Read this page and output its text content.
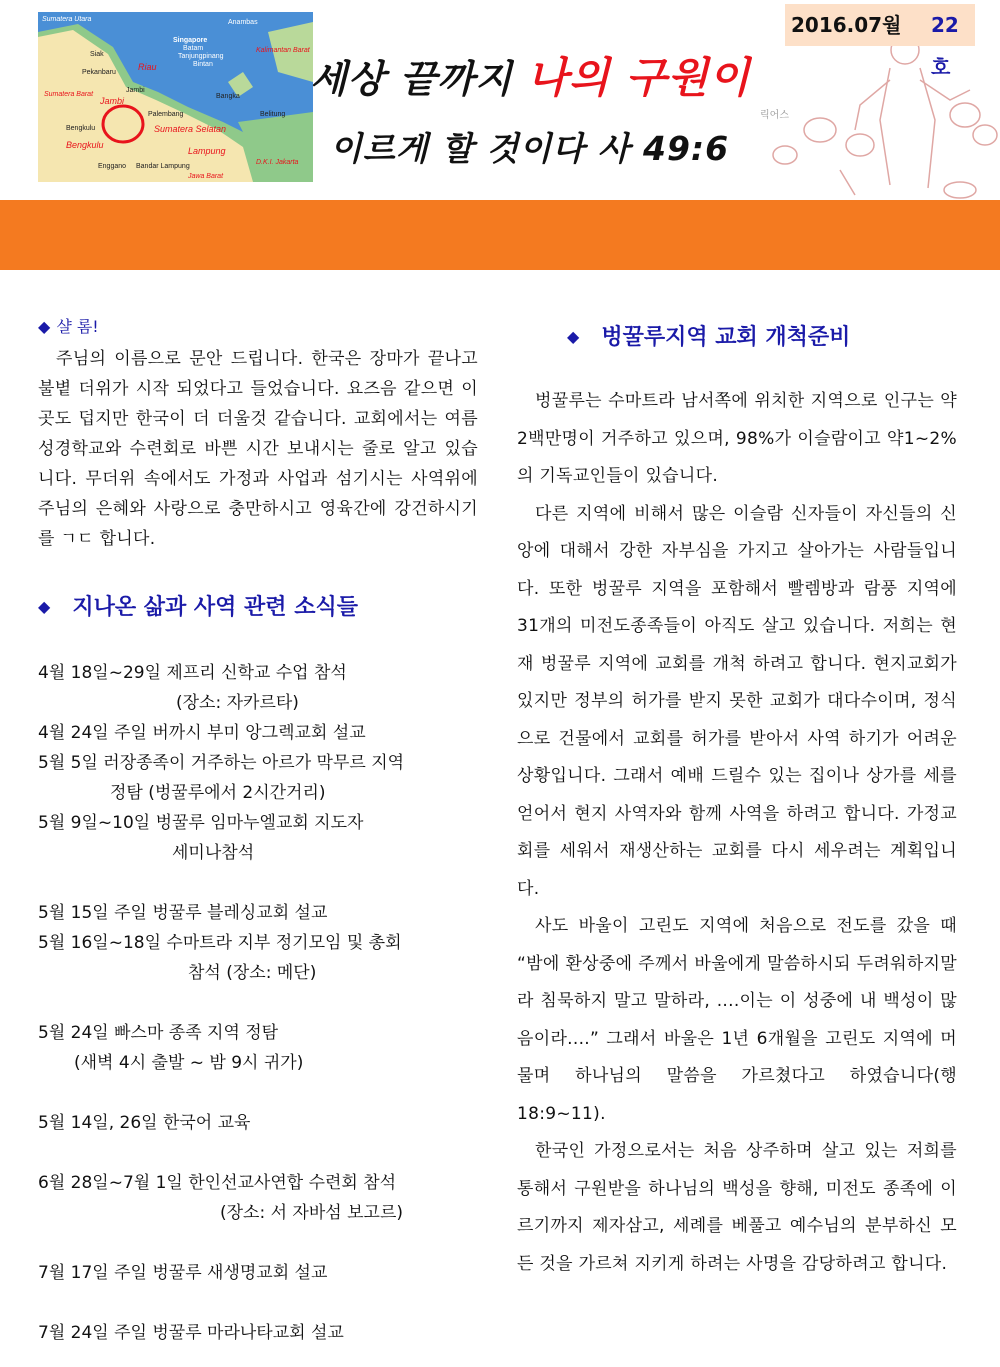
Sumatera Utara	Anambas
Singapore
Batam
Tanjungpinang
Bintan
Siak
Pekanbaru
Riau
Kalimantan Barat
Sumatera Barat
Jambi
Jambi	Bangka
Palembang	Belitung
Bengkulu	Sumatera Selatan
Bengkulu
Lampung
Enggano Bandar Lampung
D.K.I. Jakarta
Jawa Barat
릭어스
세상 끝까지 나의 구원이
이르게 할 것이다 사 49:6
2016.07월 22호

◆ 샬 롬!

주님의 이름으로 문안 드립니다. 한국은 장마가 끝나고 불볕 더위가 시작 되었다고 들었습니다. 요즈음 같으면 이곳도 덥지만 한국이 더 더울것 같습니다. 교회에서는 여름성경학교와 수련회로 바쁜 시간 보내시는 줄로 알고 있습니다. 무더위 속에서도 가정과 사업과 섬기시는 사역위에 주님의 은혜와 사랑으로 충만하시고 영육간에 강건하시기를 ㄱㄷ 합니다.

◆ 지나온 삶과 사역 관련 소식들

4월 18일~29일 제프리 신학교 수업 참석
(장소: 자카르타)
4월 24일 주일 버까시 부미 앙그렉교회 설교
5월 5일 러장종족이 거주하는 아르가 막무르 지역
정탐 (벙꿀루에서 2시간거리)
5월 9일~10일 벙꿀루 임마누엘교회 지도자
세미나참석
5월 15일 주일 벙꿀루 블레싱교회 설교
5월 16일~18일 수마트라 지부 정기모임 및 총회
참석 (장소: 메단)
5월 24일 빠스마 종족 지역 정탐
(새벽 4시 출발 ~ 밤 9시 귀가)
5월 14일, 26일 한국어 교육
6월 28일~7월 1일 한인선교사연합 수련회 참석
(장소: 서 자바섬 보고르)
7월 17일 주일 벙꿀루 새생명교회 설교
7월 24일 주일 벙꿀루 마라나타교회 설교

◆ 벙꿀루지역 교회 개척준비

벙꿀루는 수마트라 남서쪽에 위치한 지역으로 인구는 약 2백만명이 거주하고 있으며, 98%가 이슬람이고 약1~2%의 기독교인들이 있습니다.

다른 지역에 비해서 많은 이슬람 신자들이 자신들의 신앙에 대해서 강한 자부심을 가지고 살아가는 사람들입니다. 또한 벙꿀루 지역을 포함해서 빨렘방과 람풍 지역에 31개의 미전도종족들이 아직도 살고 있습니다. 저희는 현재 벙꿀루 지역에 교회를 개척 하려고 합니다. 현지교회가 있지만 정부의 허가를 받지 못한 교회가 대다수이며, 정식으로 건물에서 교회를 허가를 받아서 사역 하기가 어려운 상황입니다. 그래서 예배 드릴수 있는 집이나 상가를 세를 얻어서 현지 사역자와 함께 사역을 하려고 합니다. 가정교회를 세워서 재생산하는 교회를 다시 세우려는 계획입니다.

사도 바울이 고린도 지역에 처음으로 전도를 갔을 때 “밤에 환상중에 주께서 바울에게 말씀하시되 두려워하지말라 침묵하지 말고 말하라, ....이는 이 성중에 내 백성이 많음이라....” 그래서 바울은 1년 6개월을 고린도 지역에 머물며 하나님의 말씀을 가르쳤다고 하였습니다(행 18:9~11).

한국인 가정으로서는 처음 상주하며 살고 있는 저희를 통해서 구원받을 하나님의 백성을 향해, 미전도 종족에 이르기까지 제자삼고, 세례를 베풀고 예수님의 분부하신 모든 것을 가르쳐 지키게 하려는 사명을 감당하려고 합니다.
